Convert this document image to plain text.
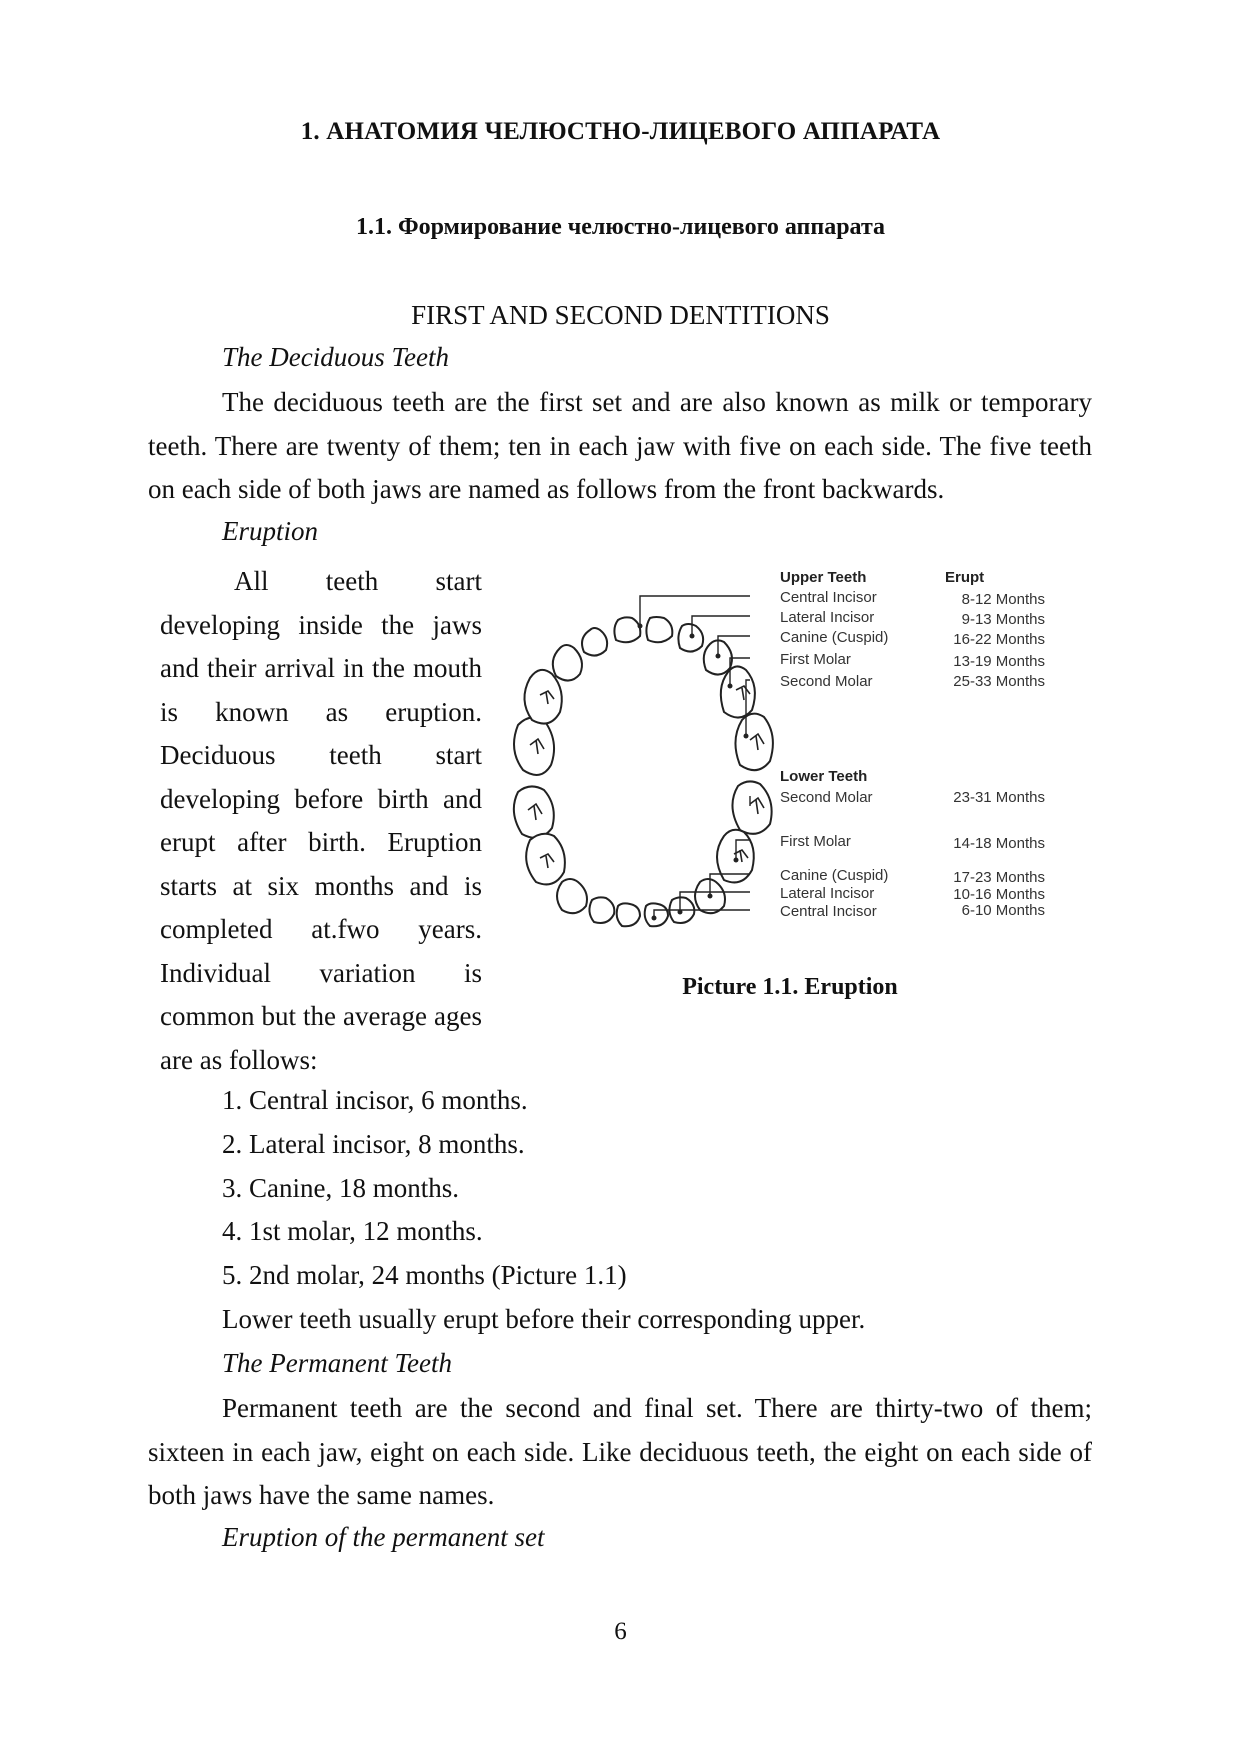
1. АНАТОМИЯ ЧЕЛЮСТНО-ЛИЦЕВОГО АППАРАТА
1.1. Формирование челюстно-лицевого аппарата
FIRST AND SECOND DENTITIONS
The Deciduous Teeth
The deciduous teeth are the first set and are also known as milk or temporary teeth. There are twenty of them; ten in each jaw with five on each side. The five teeth on each side of both jaws are named as follows from the front backwards.
Eruption
All teeth start developing inside the jaws and their arrival in the mouth is known as eruption. Deciduous teeth start developing before birth and erupt after birth. Eruption starts at six months and is completed at.fwo years. Individual variation is common but the average ages are as follows:
Upper Teeth	Erupt
Central Incisor
Lateral Incisor
Canine (Cuspid)
First Molar
Second Molar
8-12 Months
9-13 Months
16-22 Months
13-19 Months
25-33 Months
Lower Teeth
Second Molar
First Molar
Canine (Cuspid)
Lateral Incisor
Central Incisor
23-31 Months
14-18 Months
17-23 Months
10-16 Months
6-10 Months
Picture 1.1. Eruption
1. Central incisor, 6 months.
2. Lateral incisor, 8 months.
3. Canine, 18 months.
4. 1st molar, 12 months.
5. 2nd molar, 24 months (Picture 1.1)
Lower teeth usually erupt before their corresponding upper.
The Permanent Teeth
Permanent teeth are the second and final set. There are thirty-two of them; sixteen in each jaw, eight on each side. Like deciduous teeth, the eight on each side of both jaws have the same names.
Eruption of the permanent set
6
